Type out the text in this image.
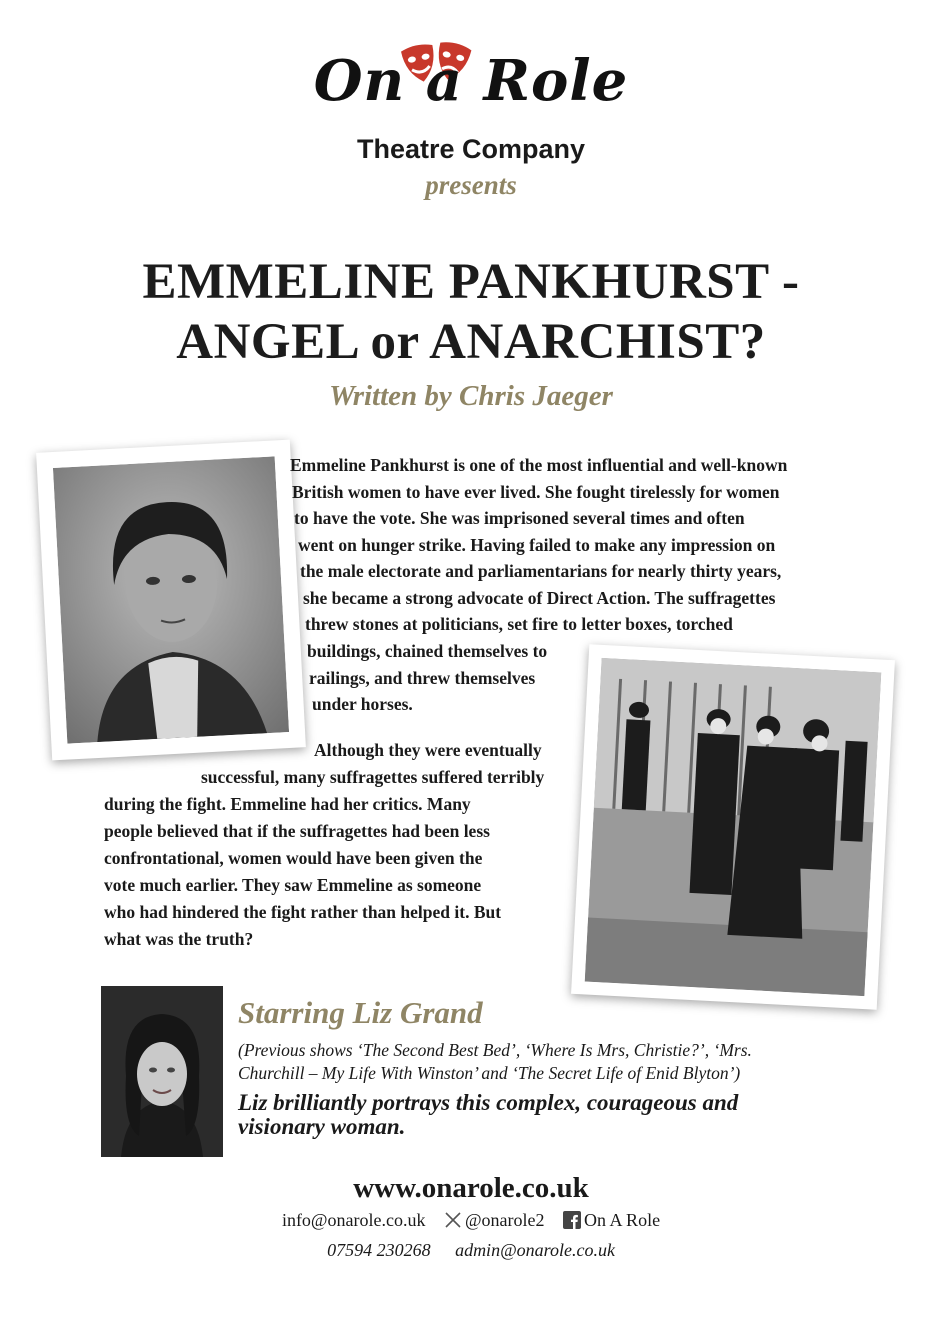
On a Role
Theatre Company
presents
EMMELINE PANKHURST -
ANGEL or ANARCHIST?
Written by Chris Jaeger
Emmeline Pankhurst is one of the most influential and well-known
British women to have ever lived. She fought tirelessly for women
to have the vote. She was imprisoned several times and often
went on hunger strike. Having failed to make any impression on
the male electorate and parliamentarians for nearly thirty years,
she became a strong advocate of Direct Action. The suffragettes
threw stones at politicians, set fire to letter boxes, torched
buildings, chained themselves to
railings, and threw themselves
under horses.
Although they were eventually
successful, many suffragettes suffered terribly
during the fight. Emmeline had her critics. Many
people believed that if the suffragettes had been less
confrontational, women would have been given the
vote much earlier. They saw Emmeline as someone
who had hindered the fight rather than helped it. But
what was the truth?
Starring Liz Grand
(Previous shows ‘The Second Best Bed’, ‘Where Is Mrs, Christie?’, ‘Mrs.
Churchill – My Life With Winston’ and ‘The Secret Life of Enid Blyton’)
Liz brilliantly portrays this complex, courageous and
visionary woman.
www.onarole.co.uk
info@onarole.co.uk @onarole2 On A Role
07594 230268 admin@onarole.co.uk
